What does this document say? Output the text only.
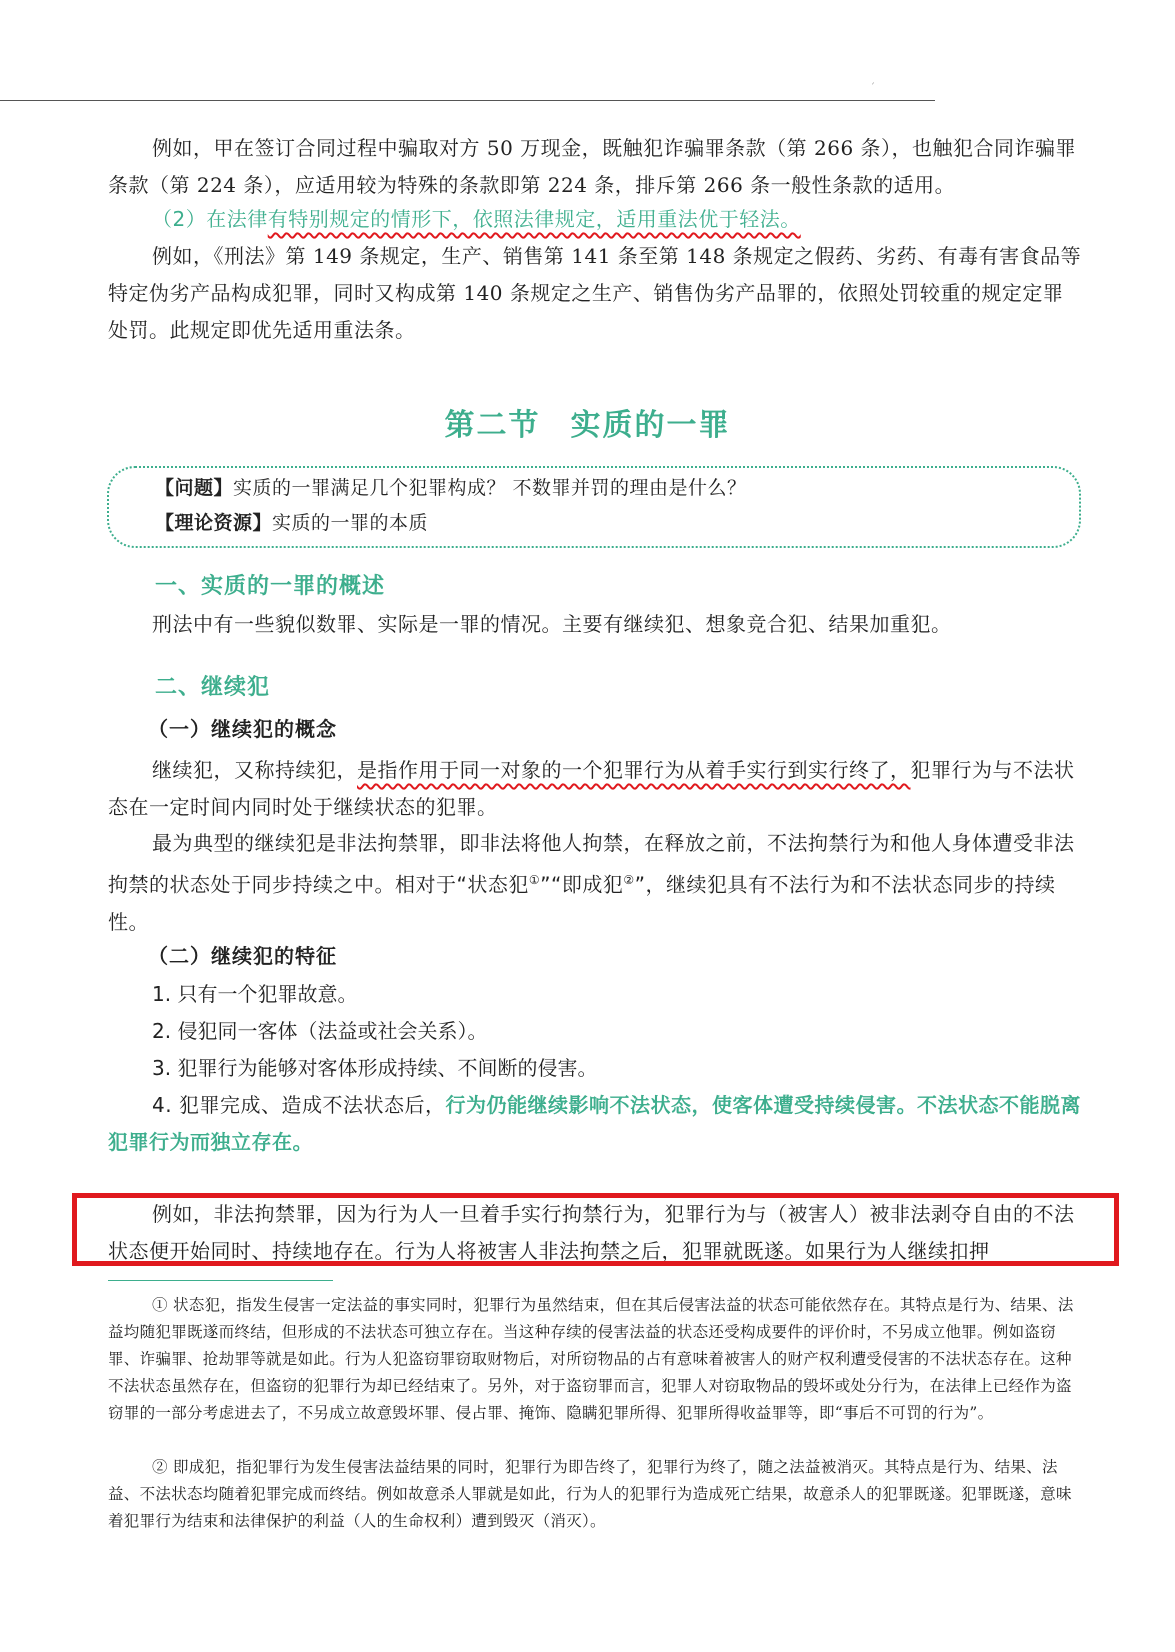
ˊ
例如，甲在签订合同过程中骗取对方 50 万现金，既触犯诈骗罪条款（第 266 条），也触犯合同诈骗罪条款（第 224 条），应适用较为特殊的条款即第 224 条，排斥第 266 条一般性条款的适用。
（2）在法律有特别规定的情形下，依照法律规定，适用重法优于轻法。
例如，《刑法》第 149 条规定，生产、销售第 141 条至第 148 条规定之假药、劣药、有毒有害食品等特定伪劣产品构成犯罪，同时又构成第 140 条规定之生产、销售伪劣产品罪的，依照处罚较重的规定定罪处罚。此规定即优先适用重法条。
第二节 实质的一罪
【问题】实质的一罪满足几个犯罪构成？ 不数罪并罚的理由是什么？
【理论资源】实质的一罪的本质
一、实质的一罪的概述
刑法中有一些貌似数罪、实际是一罪的情况。主要有继续犯、想象竞合犯、结果加重犯。
二、继续犯
（一）继续犯的概念
继续犯，又称持续犯，是指作用于同一对象的一个犯罪行为从着手实行到实行终了，犯罪行为与不法状态在一定时间内同时处于继续状态的犯罪。
最为典型的继续犯是非法拘禁罪，即非法将他人拘禁，在释放之前，不法拘禁行为和他人身体遭受非法拘禁的状态处于同步持续之中。相对于“状态犯①”“即成犯②”，继续犯具有不法行为和不法状态同步的持续性。
（二）继续犯的特征
1. 只有一个犯罪故意。
2. 侵犯同一客体（法益或社会关系）。
3. 犯罪行为能够对客体形成持续、不间断的侵害。
4. 犯罪完成、造成不法状态后，行为仍能继续影响不法状态，使客体遭受持续侵害。不法状态不能脱离犯罪行为而独立存在。
例如，非法拘禁罪，因为行为人一旦着手实行拘禁行为，犯罪行为与（被害人）被非法剥夺自由的不法状态便开始同时、持续地存在。行为人将被害人非法拘禁之后，犯罪就既遂。如果行为人继续扣押
① 状态犯，指发生侵害一定法益的事实同时，犯罪行为虽然结束，但在其后侵害法益的状态可能依然存在。其特点是行为、结果、法益均随犯罪既遂而终结，但形成的不法状态可独立存在。当这种存续的侵害法益的状态还受构成要件的评价时，不另成立他罪。例如盗窃罪、诈骗罪、抢劫罪等就是如此。行为人犯盗窃罪窃取财物后，对所窃物品的占有意味着被害人的财产权利遭受侵害的不法状态存在。这种不法状态虽然存在，但盗窃的犯罪行为却已经结束了。另外，对于盗窃罪而言，犯罪人对窃取物品的毁坏或处分行为，在法律上已经作为盗窃罪的一部分考虑进去了，不另成立故意毁坏罪、侵占罪、掩饰、隐瞒犯罪所得、犯罪所得收益罪等，即“事后不可罚的行为”。
② 即成犯，指犯罪行为发生侵害法益结果的同时，犯罪行为即告终了，犯罪行为终了，随之法益被消灭。其特点是行为、结果、法益、不法状态均随着犯罪完成而终结。例如故意杀人罪就是如此，行为人的犯罪行为造成死亡结果，故意杀人的犯罪既遂。犯罪既遂，意味着犯罪行为结束和法律保护的利益（人的生命权利）遭到毁灭（消灭）。
